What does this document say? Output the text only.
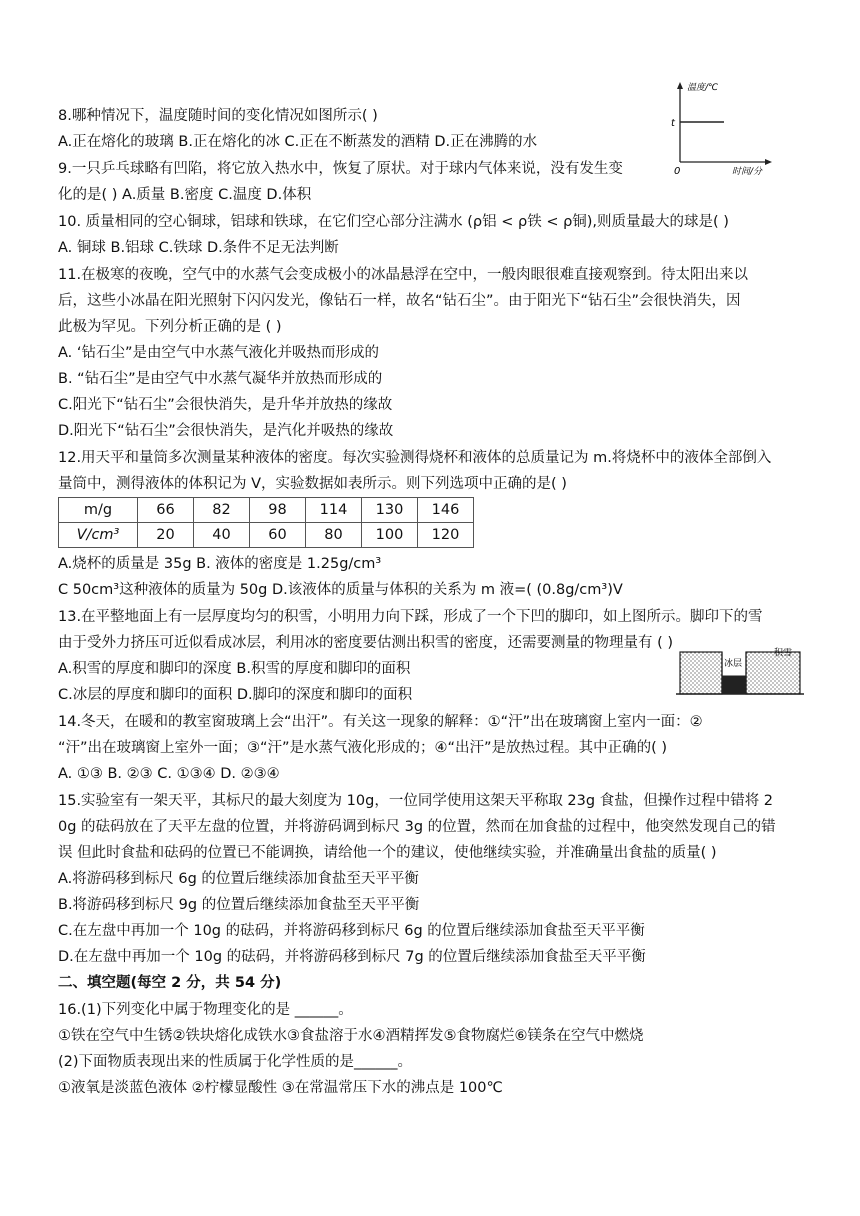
8.哪种情况下，温度随时间的变化情况如图所示( )
A.正在熔化的玻璃 B.正在熔化的冰 C.正在不断蒸发的酒精 D.正在沸腾的水
9.一只乒乓球略有凹陷，将它放入热水中，恢复了原状。对于球内气体来说，没有发生变
化的是( ) A.质量 B.密度 C.温度 D.体积
10. 质量相同的空心铜球，铝球和铁球，在它们空心部分注满水 (ρ铝 < ρ铁 < ρ铜),则质量最大的球是( )
A. 铜球 B.铝球 C.铁球 D.条件不足无法判断
11.在极寒的夜晚，空气中的水蒸气会变成极小的冰晶悬浮在空中，一般肉眼很难直接观察到。待太阳出来以
后，这些小冰晶在阳光照射下闪闪发光，像钻石一样，故名“钻石尘”。由于阳光下“钻石尘”会很快消失，因
此极为罕见。下列分析正确的是 ( )
A. ‘钻石尘”是由空气中水蒸气液化并吸热而形成的
B. “钻石尘”是由空气中水蒸气凝华并放热而形成的
C.阳光下“钻石尘”会很快消失，是升华并放热的缘故
D.阳光下“钻石尘”会很快消失，是汽化并吸热的缘故
12.用天平和量筒多次测量某种液体的密度。每次实验测得烧杯和液体的总质量记为 m.将烧杯中的液体全部倒入
量筒中，测得液体的体积记为 V，实验数据如表所示。则下列选项中正确的是( )
m/g	66	82	98	114	130	146
V/cm³	20	40	60	80	100	120
A.烧杯的质量是 35g B. 液体的密度是 1.25g/cm³
C 50cm³这种液体的质量为 50g D.该液体的质量与体积的关系为 m 液=( (0.8g/cm³)V
13.在平整地面上有一层厚度均匀的积雪，小明用力向下踩，形成了一个下凹的脚印，如上图所示。脚印下的雪
由于受外力挤压可近似看成冰层，利用冰的密度要估测出积雪的密度，还需要测量的物理量有 ( )
A.积雪的厚度和脚印的深度 B.积雪的厚度和脚印的面积
C.冰层的厚度和脚印的面积 D.脚印的深度和脚印的面积
14.冬天，在暖和的教室窗玻璃上会“出汗”。有关这一现象的解释：①“汗”出在玻璃窗上室内一面：②
“汗”出在玻璃窗上室外一面；③“汗”是水蒸气液化形成的；④“出汗”是放热过程。其中正确的( )
A. ①③ B. ②③ C. ①③④ D. ②③④
15.实验室有一架天平，其标尺的最大刻度为 10g，一位同学使用这架天平称取 23g 食盐，但操作过程中错将 2
0g 的砝码放在了天平左盘的位置，并将游码调到标尺 3g 的位置，然而在加食盐的过程中，他突然发现自己的错
误 但此时食盐和砝码的位置已不能调换，请给他一个的建议，使他继续实验，并准确量出食盐的质量( )
A.将游码移到标尺 6g 的位置后继续添加食盐至天平平衡
B.将游码移到标尺 9g 的位置后继续添加食盐至天平平衡
C.在左盘中再加一个 10g 的砝码，并将游码移到标尺 6g 的位置后继续添加食盐至天平平衡
D.在左盘中再加一个 10g 的砝码，并将游码移到标尺 7g 的位置后继续添加食盐至天平平衡
二、填空题(每空 2 分，共 54 分)
16.(1)下列变化中属于物理变化的是 ______。
①铁在空气中生锈②铁块熔化成铁水③食盐溶于水④酒精挥发⑤食物腐烂⑥镁条在空气中燃烧
(2)下面物质表现出来的性质属于化学性质的是______。
①液氧是淡蓝色液体 ②柠檬显酸性 ③在常温常压下水的沸点是 100℃
温度/℃
t
0	时间/分
冰层
积雪
